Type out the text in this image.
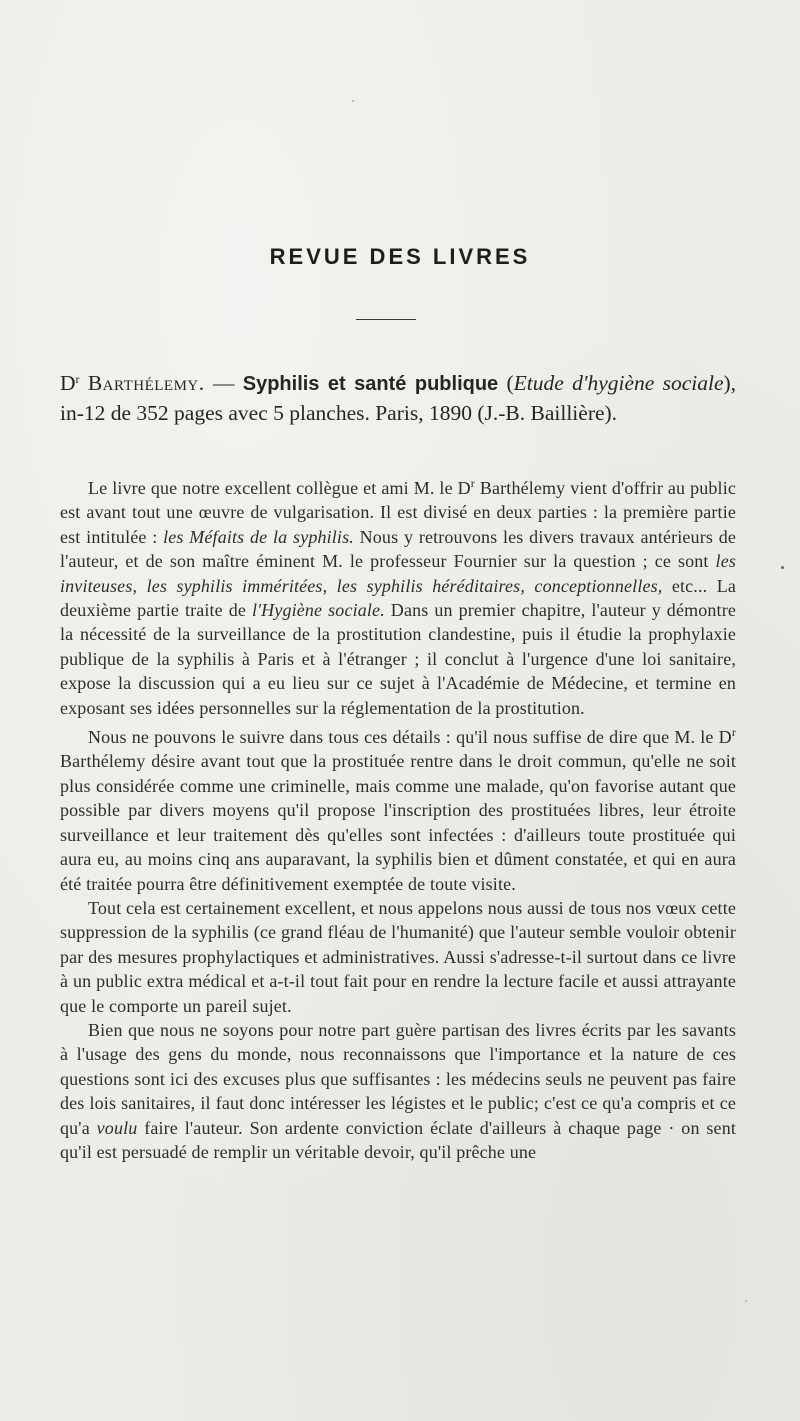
REVUE DES LIVRES
$D^r$ Barthélemy. — Syphilis et santé publique (Etude d'hygiène sociale), in-12 de 352 pages avec 5 planches. Paris, 1890 (J.-B. Baillière).

Le livre que notre excellent collègue et ami M. le $D^r$ Barthélemy vient d'offrir au public est avant tout une œuvre de vulgarisation. Il est divisé en deux parties : la première partie est intitulée : les Méfaits de la syphilis. Nous y retrouvons les divers travaux antérieurs de l'auteur, et de son maître éminent M. le professeur Fournier sur la question ; ce sont les inviteuses, les syphilis imméritées, les syphilis héréditaires, conceptionnelles, etc... La deuxième partie traite de l'Hygiène sociale. Dans un premier chapitre, l'auteur y démontre la nécessité de la surveillance de la prostitution clandestine, puis il étudie la prophylaxie publique de la syphilis à Paris et à l'étranger ; il conclut à l'urgence d'une loi sanitaire, expose la discussion qui a eu lieu sur ce sujet à l'Académie de Médecine, et termine en exposant ses idées personnelles sur la réglementation de la prostitution.

Nous ne pouvons le suivre dans tous ces détails : qu'il nous suffise de dire que M. le $D^r$ Barthélemy désire avant tout que la prostituée rentre dans le droit commun, qu'elle ne soit plus considérée comme une criminelle, mais comme une malade, qu'on favorise autant que possible par divers moyens qu'il propose l'inscription des prostituées libres, leur étroite surveillance et leur traitement dès qu'elles sont infectées : d'ailleurs toute prostituée qui aura eu, au moins cinq ans auparavant, la syphilis bien et dûment constatée, et qui en aura été traitée pourra être définitivement exemptée de toute visite.

Tout cela est certainement excellent, et nous appelons nous aussi de tous nos vœux cette suppression de la syphilis (ce grand fléau de l'humanité) que l'auteur semble vouloir obtenir par des mesures prophylactiques et administratives. Aussi s'adresse-t-il surtout dans ce livre à un public extra médical et a-t-il tout fait pour en rendre la lecture facile et aussi attrayante que le comporte un pareil sujet.

Bien que nous ne soyons pour notre part guère partisan des livres écrits par les savants à l'usage des gens du monde, nous reconnaissons que l'importance et la nature de ces questions sont ici des excuses plus que suffisantes : les médecins seuls ne peuvent pas faire des lois sanitaires, il faut donc intéresser les légistes et le public; c'est ce qu'a compris et ce qu'a voulu faire l'auteur. Son ardente conviction éclate d'ailleurs à chaque page · on sent qu'il est persuadé de remplir un véritable devoir, qu'il prêche une
